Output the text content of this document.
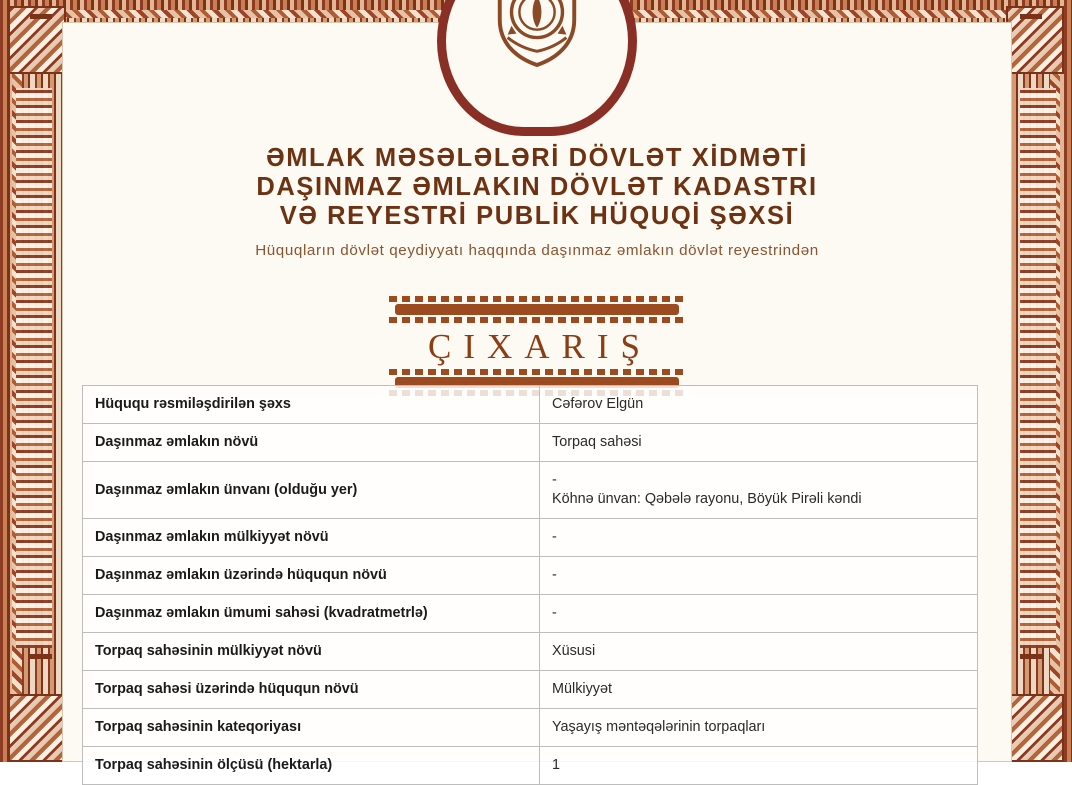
ƏMLAK MƏSƏLƏLƏRİ DÖVLƏT XİDMƏTİ
DAŞINMAZ ƏMLAKIN DÖVLƏT KADASTRI
VƏ REYESTRİ PUBLİK HÜQUQİ ŞƏXSİ
Hüquqların dövlət qeydiyyatı haqqında daşınmaz əmlakın dövlət reyestrindən
ÇIXARIŞ
Hüququ rəsmiləşdirilən şəxs	Cəfərov Elgün
Daşınmaz əmlakın növü	Torpaq sahəsi
Daşınmaz əmlakın ünvanı (olduğu yer)	-
Köhnə ünvan: Qəbələ rayonu, Böyük Pirəli kəndi

Daşınmaz əmlakın mülkiyyət növü	-
Daşınmaz əmlakın üzərində hüququn növü	-
Daşınmaz əmlakın ümumi sahəsi (kvadratmetrlə)	-
Torpaq sahəsinin mülkiyyət növü	Xüsusi
Torpaq sahəsi üzərində hüququn növü	Mülkiyyət
Torpaq sahəsinin kateqoriyası	Yaşayış məntəqələrinin torpaqları
Torpaq sahəsinin ölçüsü (hektarla)	1
